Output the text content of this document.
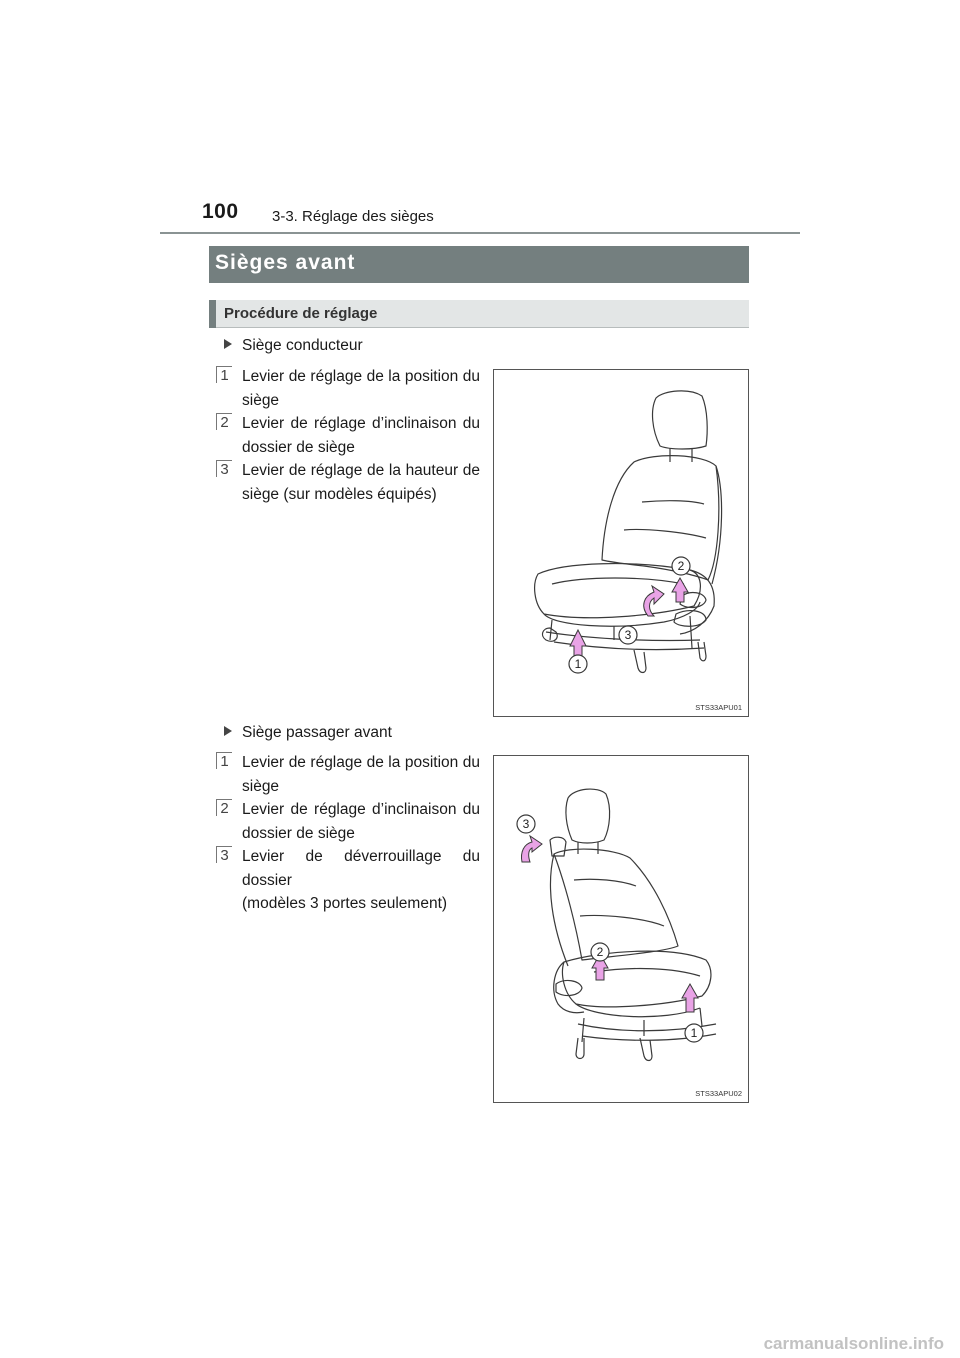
100 3-3. Réglage des sièges
Sièges avant
Procédure de réglage
Siège conducteur
1 Levier de réglage de la position du siège
2 Levier de réglage d’inclinaison du dossier de siège
3 Levier de réglage de la hauteur de siège (sur modèles équipés)
1
2
3
STS33APU01
Siège passager avant
1 Levier de réglage de la position du siège
2 Levier de réglage d’inclinaison du dossier de siège
3 Levier de déverrouillage du dossier
(modèles 3 portes seulement)
1
2
3
STS33APU02
carmanualsonline.info
